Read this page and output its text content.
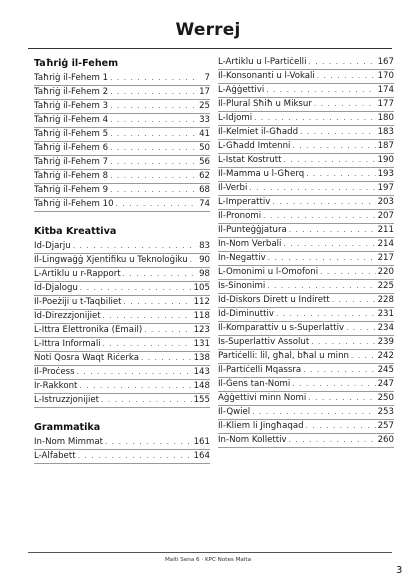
Werrej
Taħriġ il-Fehem
Taħriġ il-Fehem 1 . . .	7
Taħriġ il-Fehem 2 . . .	17
Taħriġ il-Fehem 3 . . .	25
Taħriġ il-Fehem 4 . . .	33
Taħriġ il-Fehem 5 . . .	41
Taħriġ il-Fehem 6 . . .	50
Taħriġ il-Fehem 7 . . .	56
Taħriġ il-Fehem 8 . . .	62
Taħriġ il-Fehem 9 . . .	68
Taħriġ il-Fehem 10 . . .	74
Kitba Kreattiva
Id-Djarju . . .	83
Il-Lingwaġġ Xjentifiku u Teknoloġiku . . .	90
L-Artiklu u r-Rapport . . .	98
Id-Djalogu . . .	105
Il-Poeżiji u t-Taqbiliet . . .	112
Id-Direzzjonijiet . . .	118
L-Ittra Elettronika (Email) . . .	123
L-Ittra Informali . . .	131
Noti Qosra Waqt Riċerka . . .	138
Il-Proċess . . .	143
Ir-Rakkont . . .	148
L-Istruzzjonijiet . . .	155
Grammatika
In-Nom Mimmat . . .	161
L-Alfabett . . .	164
L-Artiklu u l-Partiċelli . . .	167
Il-Konsonanti u l-Vokali . . .	170
L-Aġġettivi . . .	174
Il-Plural Sħiħ u Miksur . . .	177
L-Idjomi . . .	180
Il-Kelmiet il-Għadd . . .	183
L-Għadd Imtenni . . .	187
L-Istat Kostrutt . . .	190
Il-Mamma u l-Għerq . . .	193
Il-Verbi . . .	197
L-Imperattiv . . .	203
Il-Pronomi . . .	207
Il-Punteġġjatura . . .	211
In-Nom Verbali . . .	214
In-Negattiv . . .	217
L-Omonimi u l-Omofoni . . .	220
Is-Sinonimi . . .	225
Id-Diskors Dirett u Indirett . . .	228
Id-Diminuttiv . . .	231
Il-Komparattiv u s-Superlattiv . . .	234
Is-Superlattiv Assolut . . .	239
Partiċelli: lil, għal, bħal u minn . . .	242
Il-Partiċelli Mqassra . . .	245
Il-Ġens tan-Nomi . . .	247
Aġġettivi minn Nomi . . .	250
Il-Qwiel . . .	253
Il-Kliem li Jingħaqad . . .	257
In-Nom Kollettiv . . .	260
Malti Sena 6 · KPC Notes Malta
3
